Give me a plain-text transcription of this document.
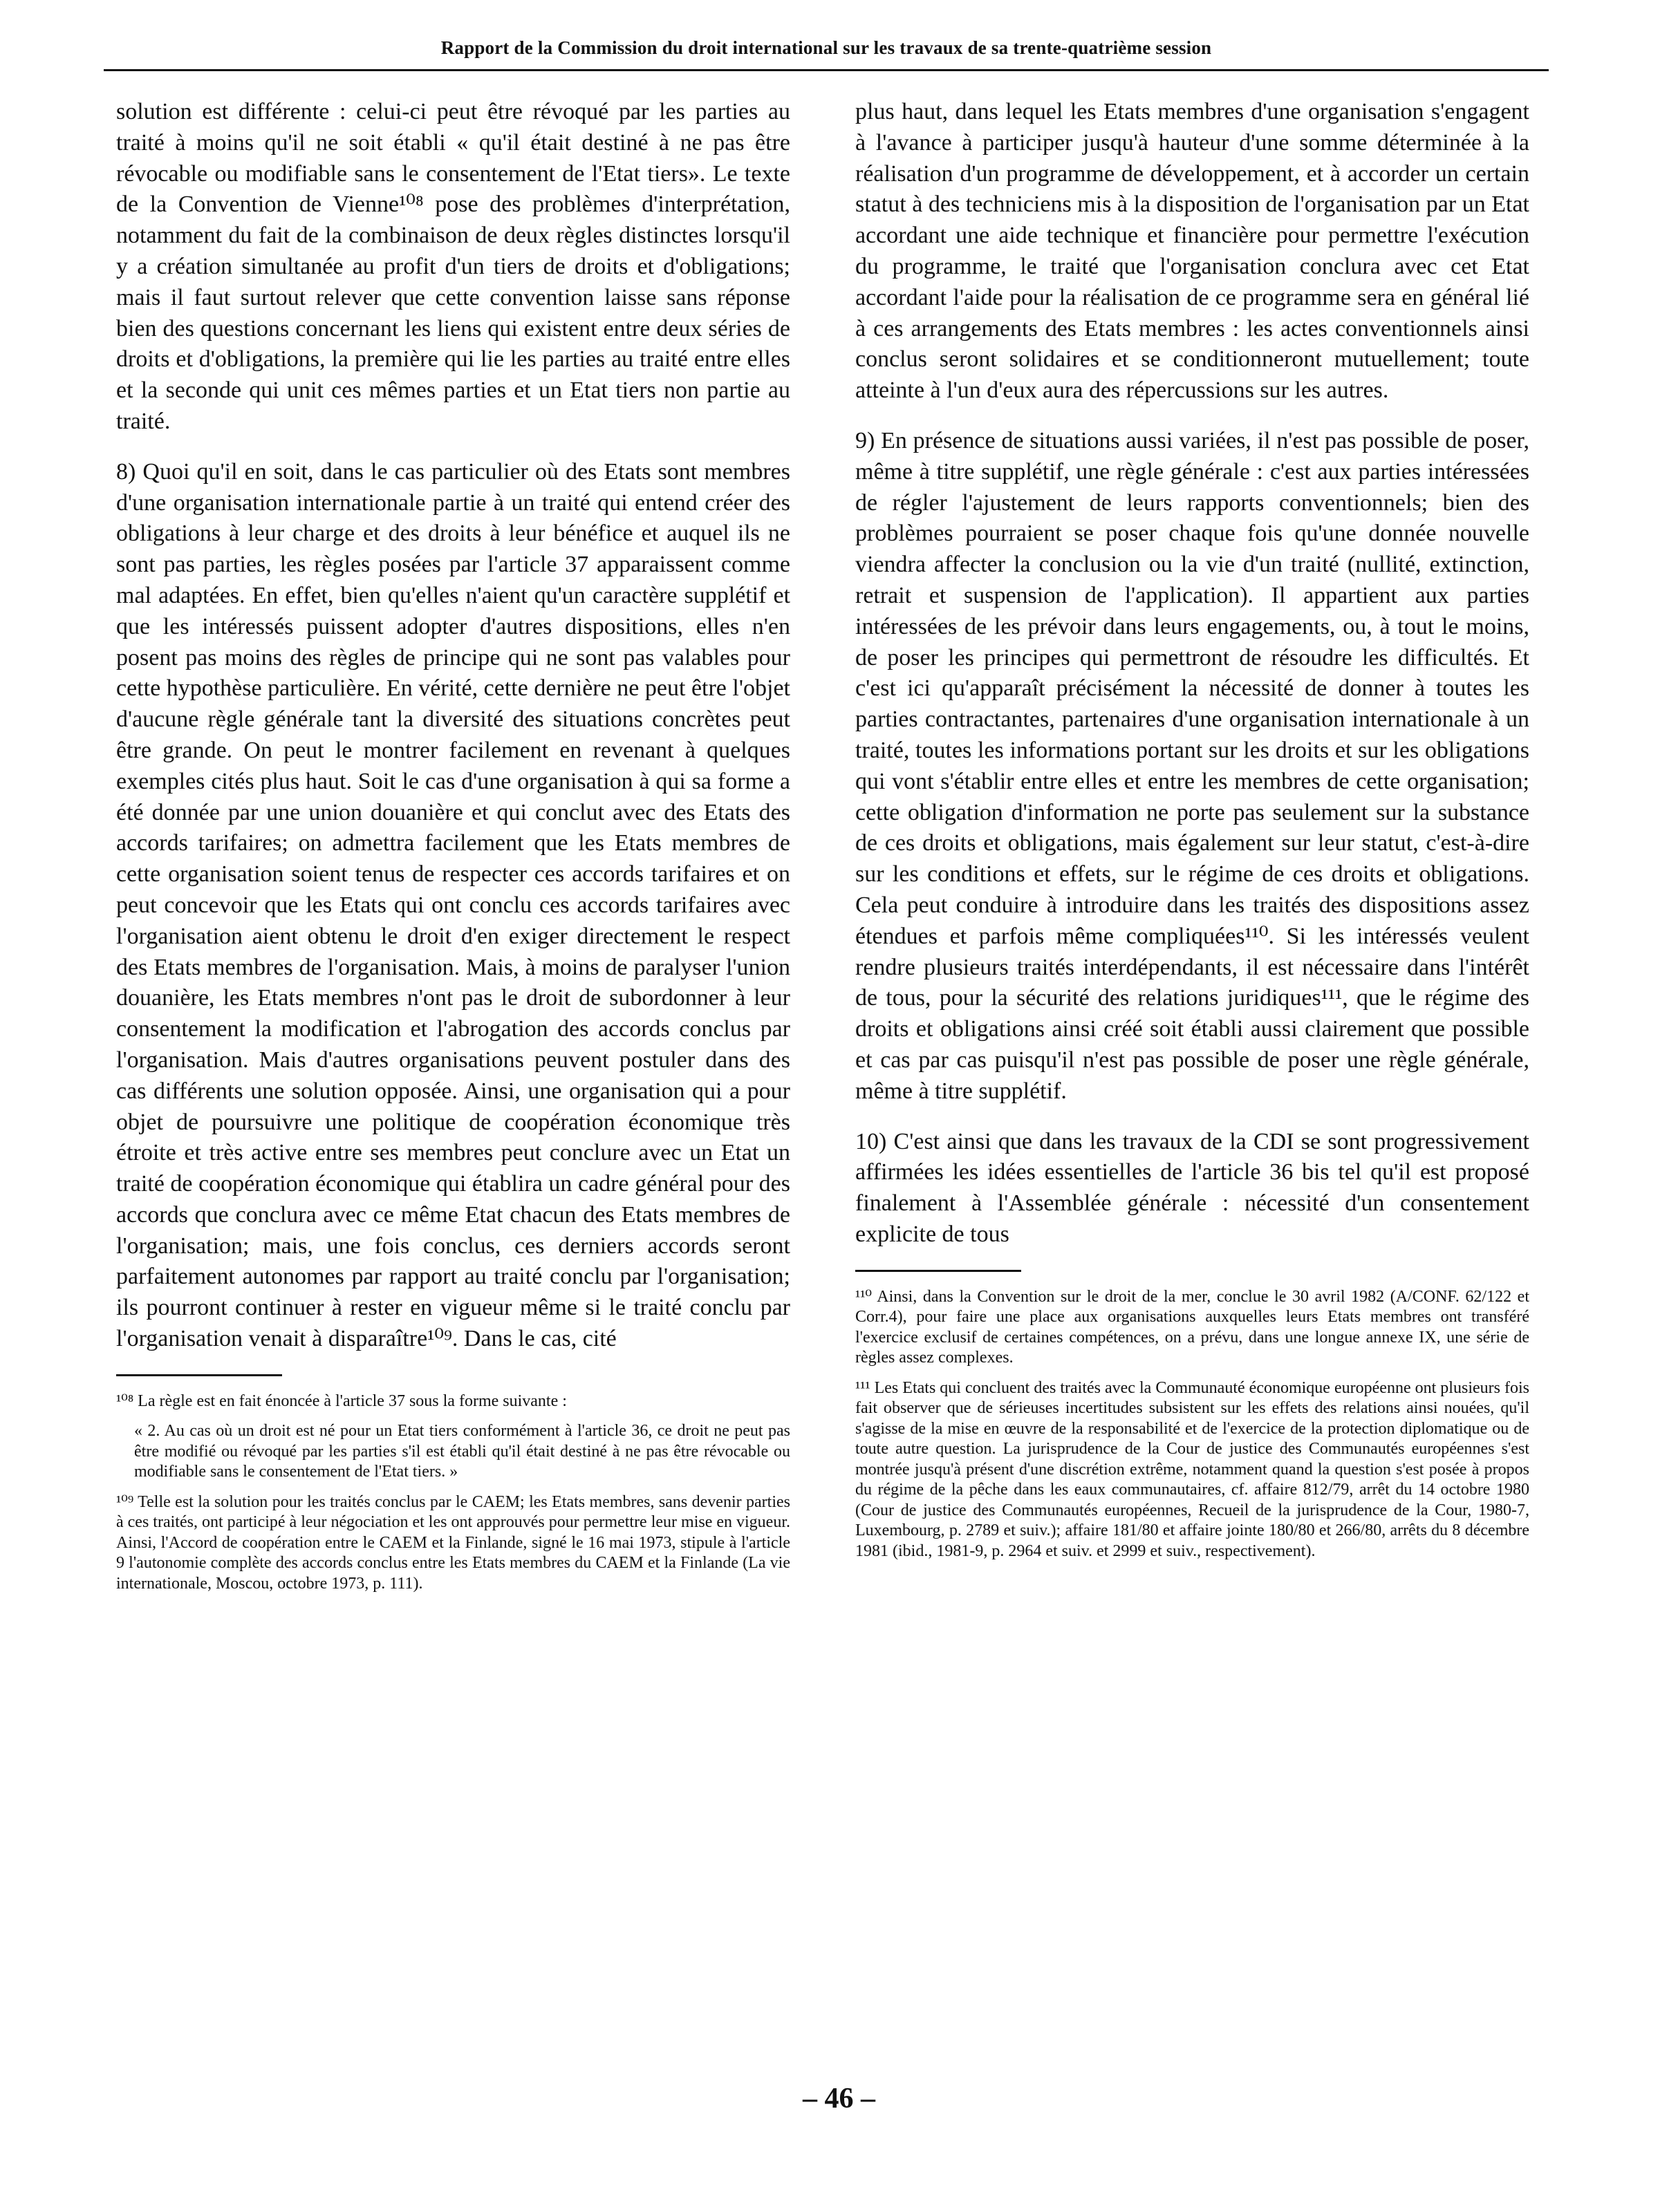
Rapport de la Commission du droit international sur les travaux de sa trente-quatrième session

solution est différente : celui-ci peut être révoqué par les parties au traité à moins qu'il ne soit établi « qu'il était destiné à ne pas être révocable ou modifiable sans le consentement de l'Etat tiers». Le texte de la Convention de Vienne¹⁰⁸ pose des problèmes d'interprétation, notamment du fait de la combinaison de deux règles distinctes lorsqu'il y a création simultanée au profit d'un tiers de droits et d'obligations; mais il faut surtout relever que cette convention laisse sans réponse bien des questions concernant les liens qui existent entre deux séries de droits et d'obligations, la première qui lie les parties au traité entre elles et la seconde qui unit ces mêmes parties et un Etat tiers non partie au traité.

8) Quoi qu'il en soit, dans le cas particulier où des Etats sont membres d'une organisation internationale partie à un traité qui entend créer des obligations à leur charge et des droits à leur bénéfice et auquel ils ne sont pas parties, les règles posées par l'article 37 apparaissent comme mal adaptées. En effet, bien qu'elles n'aient qu'un caractère supplétif et que les intéressés puissent adopter d'autres dispositions, elles n'en posent pas moins des règles de principe qui ne sont pas valables pour cette hypothèse particulière. En vérité, cette dernière ne peut être l'objet d'aucune règle générale tant la diversité des situations concrètes peut être grande. On peut le montrer facilement en revenant à quelques exemples cités plus haut. Soit le cas d'une organisation à qui sa forme a été donnée par une union douanière et qui conclut avec des Etats des accords tarifaires; on admettra facilement que les Etats membres de cette organisation soient tenus de respecter ces accords tarifaires et on peut concevoir que les Etats qui ont conclu ces accords tarifaires avec l'organisation aient obtenu le droit d'en exiger directement le respect des Etats membres de l'organisation. Mais, à moins de paralyser l'union douanière, les Etats membres n'ont pas le droit de subordonner à leur consentement la modification et l'abrogation des accords conclus par l'organisation. Mais d'autres organisations peuvent postuler dans des cas différents une solution opposée. Ainsi, une organisation qui a pour objet de poursuivre une politique de coopération économique très étroite et très active entre ses membres peut conclure avec un Etat un traité de coopération économique qui établira un cadre général pour des accords que conclura avec ce même Etat chacun des Etats membres de l'organisation; mais, une fois conclus, ces derniers accords seront parfaitement autonomes par rapport au traité conclu par l'organisation; ils pourront continuer à rester en vigueur même si le traité conclu par l'organisation venait à disparaître¹⁰⁹. Dans le cas, cité

¹⁰⁸ La règle est en fait énoncée à l'article 37 sous la forme suivante :

« 2. Au cas où un droit est né pour un Etat tiers conformément à l'article 36, ce droit ne peut pas être modifié ou révoqué par les parties s'il est établi qu'il était destiné à ne pas être révocable ou modifiable sans le consentement de l'Etat tiers. »

¹⁰⁹ Telle est la solution pour les traités conclus par le CAEM; les Etats membres, sans devenir parties à ces traités, ont participé à leur négociation et les ont approuvés pour permettre leur mise en vigueur. Ainsi, l'Accord de coopération entre le CAEM et la Finlande, signé le 16 mai 1973, stipule à l'article 9 l'autonomie complète des accords conclus entre les Etats membres du CAEM et la Finlande (La vie internationale, Moscou, octobre 1973, p. 111).

plus haut, dans lequel les Etats membres d'une organisation s'engagent à l'avance à participer jusqu'à hauteur d'une somme déterminée à la réalisation d'un programme de développement, et à accorder un certain statut à des techniciens mis à la disposition de l'organisation par un Etat accordant une aide technique et financière pour permettre l'exécution du programme, le traité que l'organisation conclura avec cet Etat accordant l'aide pour la réalisation de ce programme sera en général lié à ces arrangements des Etats membres : les actes conventionnels ainsi conclus seront solidaires et se conditionneront mutuellement; toute atteinte à l'un d'eux aura des répercussions sur les autres.

9) En présence de situations aussi variées, il n'est pas possible de poser, même à titre supplétif, une règle générale : c'est aux parties intéressées de régler l'ajustement de leurs rapports conventionnels; bien des problèmes pourraient se poser chaque fois qu'une donnée nouvelle viendra affecter la conclusion ou la vie d'un traité (nullité, extinction, retrait et suspension de l'application). Il appartient aux parties intéressées de les prévoir dans leurs engagements, ou, à tout le moins, de poser les principes qui permettront de résoudre les difficultés. Et c'est ici qu'apparaît précisément la nécessité de donner à toutes les parties contractantes, partenaires d'une organisation internationale à un traité, toutes les informations portant sur les droits et sur les obligations qui vont s'établir entre elles et entre les membres de cette organisation; cette obligation d'information ne porte pas seulement sur la substance de ces droits et obligations, mais également sur leur statut, c'est-à-dire sur les conditions et effets, sur le régime de ces droits et obligations. Cela peut conduire à introduire dans les traités des dispositions assez étendues et parfois même compliquées¹¹⁰. Si les intéressés veulent rendre plusieurs traités interdépendants, il est nécessaire dans l'intérêt de tous, pour la sécurité des relations juridiques¹¹¹, que le régime des droits et obligations ainsi créé soit établi aussi clairement que possible et cas par cas puisqu'il n'est pas possible de poser une règle générale, même à titre supplétif.

10) C'est ainsi que dans les travaux de la CDI se sont progressivement affirmées les idées essentielles de l'article 36 bis tel qu'il est proposé finalement à l'Assemblée générale : nécessité d'un consentement explicite de tous

¹¹⁰ Ainsi, dans la Convention sur le droit de la mer, conclue le 30 avril 1982 (A/CONF. 62/122 et Corr.4), pour faire une place aux organisations auxquelles leurs Etats membres ont transféré l'exercice exclusif de certaines compétences, on a prévu, dans une longue annexe IX, une série de règles assez complexes.

¹¹¹ Les Etats qui concluent des traités avec la Communauté économique européenne ont plusieurs fois fait observer que de sérieuses incertitudes subsistent sur les effets des relations ainsi nouées, qu'il s'agisse de la mise en œuvre de la responsabilité et de l'exercice de la protection diplomatique ou de toute autre question. La jurisprudence de la Cour de justice des Communautés européennes s'est montrée jusqu'à présent d'une discrétion extrême, notamment quand la question s'est posée à propos du régime de la pêche dans les eaux communautaires, cf. affaire 812/79, arrêt du 14 octobre 1980 (Cour de justice des Communautés européennes, Recueil de la jurisprudence de la Cour, 1980-7, Luxembourg, p. 2789 et suiv.); affaire 181/80 et affaire jointe 180/80 et 266/80, arrêts du 8 décembre 1981 (ibid., 1981-9, p. 2964 et suiv. et 2999 et suiv., respectivement).

– 46 –
